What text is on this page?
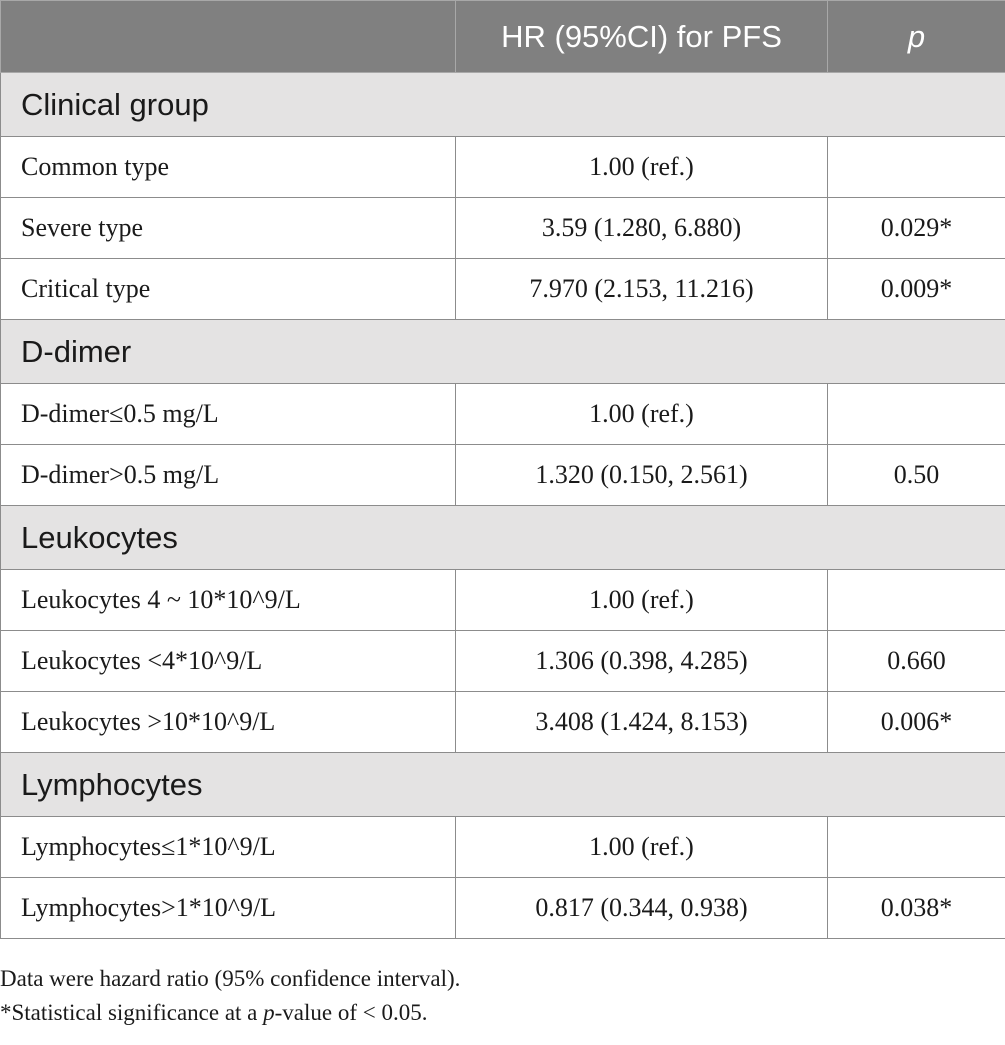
	HR (95%CI) for PFS	p
Clinical group		
Common type	1.00 (ref.)	
Severe type	3.59 (1.280, 6.880)	0.029*
Critical type	7.970 (2.153, 11.216)	0.009*
D-dimer		
D-dimer≤0.5 mg/L	1.00 (ref.)	
D-dimer>0.5 mg/L	1.320 (0.150, 2.561)	0.50
Leukocytes		
Leukocytes 4 ~ 10*10^9/L	1.00 (ref.)	
Leukocytes <4*10^9/L	1.306 (0.398, 4.285)	0.660
Leukocytes >10*10^9/L	3.408 (1.424, 8.153)	0.006*
Lymphocytes		
Lymphocytes≤1*10^9/L	1.00 (ref.)	
Lymphocytes>1*10^9/L	0.817 (0.344, 0.938)	0.038*

Data were hazard ratio (95% confidence interval).

*Statistical significance at a p-value of < 0.05.
